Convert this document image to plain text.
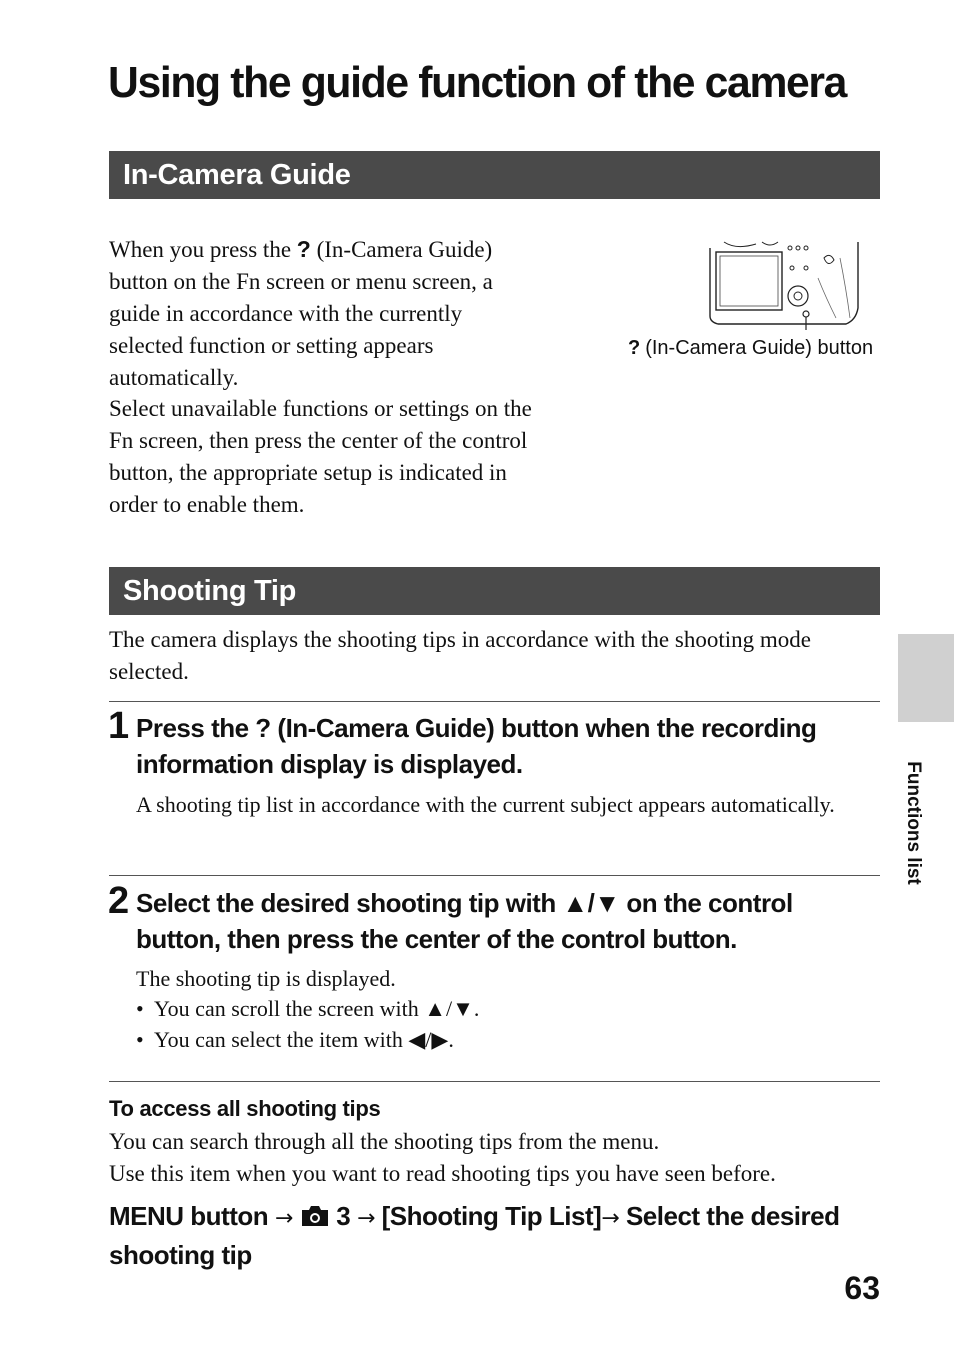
Using the guide function of the camera
In-Camera Guide

When you press the ? (In-Camera Guide) button on the Fn screen or menu screen, a guide in accordance with the currently selected function or setting appears automatically.

Select unavailable functions or settings on the Fn screen, then press the center of the control button, the appropriate setup is indicated in order to enable them.

? (In-Camera Guide) button
Shooting Tip

The camera displays the shooting tips in accordance with the shooting mode selected.

1 Press the ? (In-Camera Guide) button when the recording information display is displayed.

A shooting tip list in accordance with the current subject appears automatically.

2 Select the desired shooting tip with ▲/▼ on the control button, then press the center of the control button.

The shooting tip is displayed.

• You can scroll the screen with ▲/▼.
• You can select the item with ◀/▶.

To access all shooting tips

You can search through all the shooting tips from the menu.

Use this item when you want to read shooting tips you have seen before.

MENU button → 3 → [Shooting Tip List]→ Select the desired shooting tip

Functions list
63
